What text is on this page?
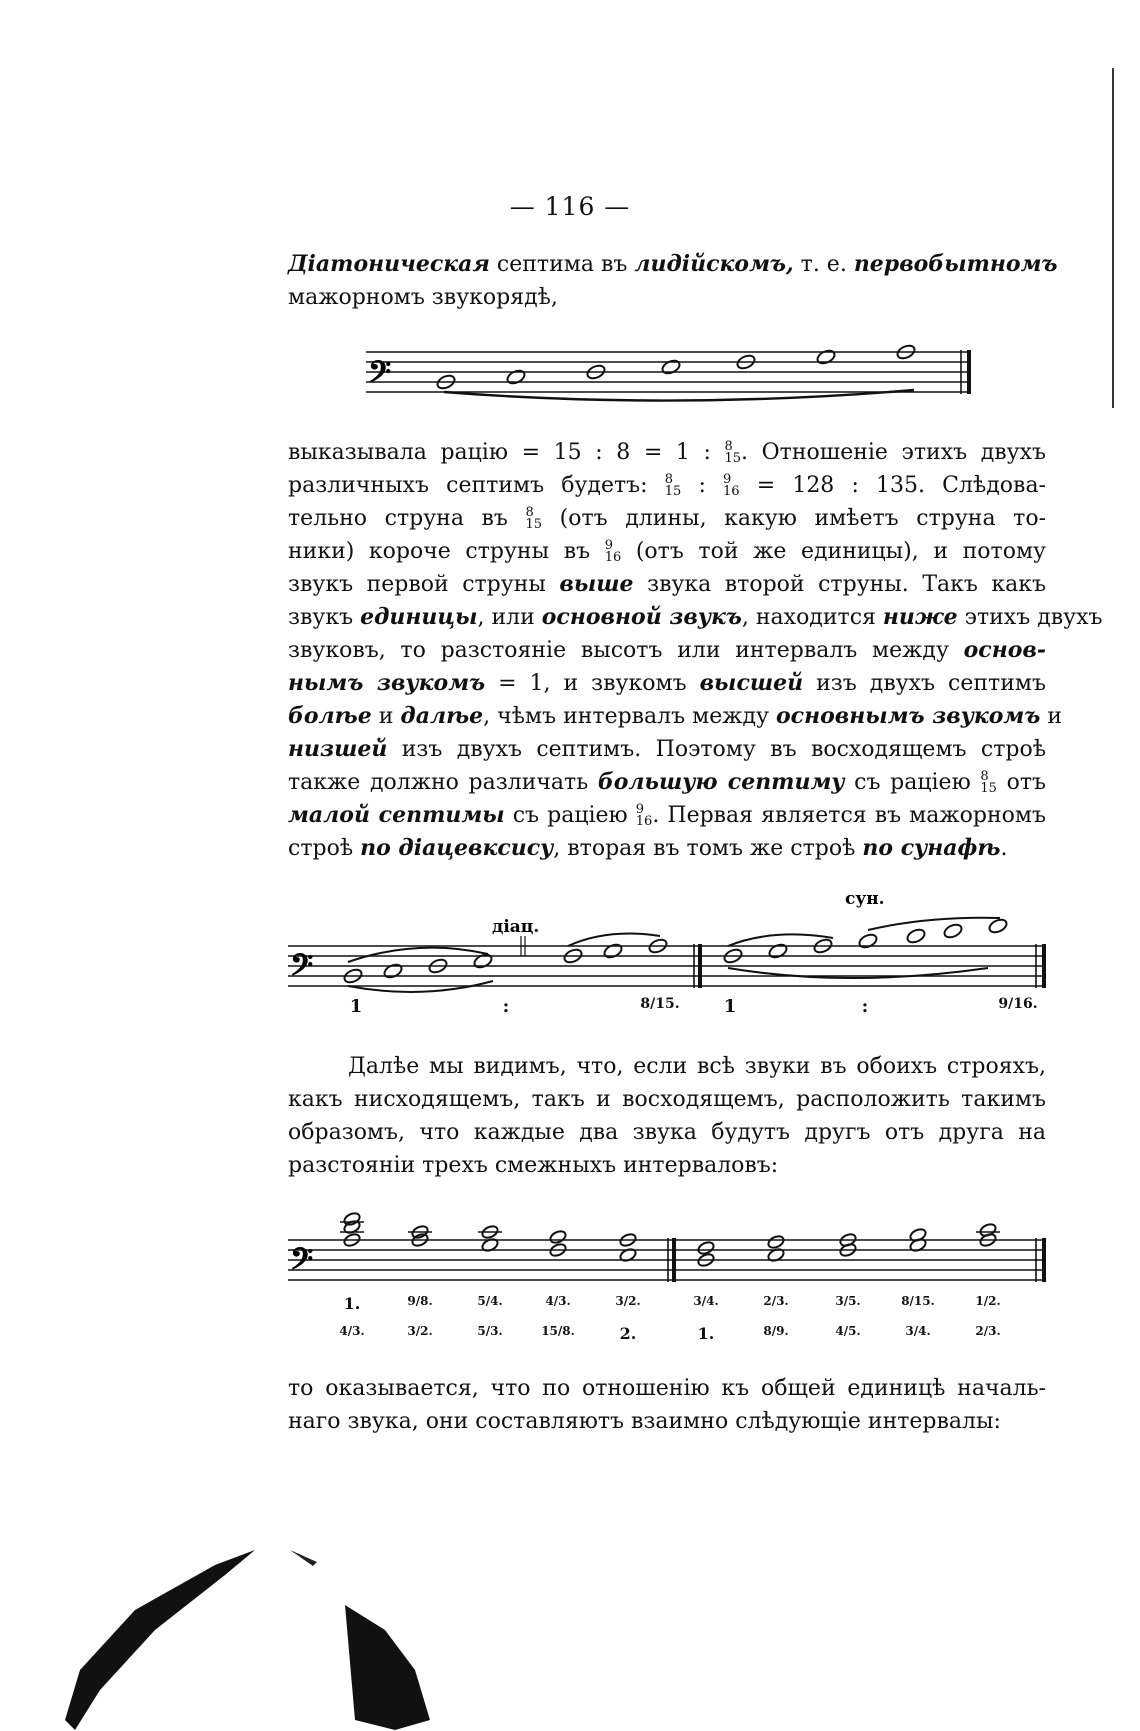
— 116 —
Діатоническая септима въ лидійскомъ, т. е. первобытномъ
мажорномъ звукорядѣ,
𝄢
выказывала рацію = 15 : 8 = 1 : 8
15 . Отношеніе этихъ двухъ
различныхъ септимъ будетъ: 8
15 : 9
16 = 128 : 135. Слѣдова-
тельно струна въ 8
15 (отъ длины, какую имѣетъ струна то-
ники) короче струны въ 9
16 (отъ той же единицы), и потому
звукъ первой струны выше звука второй струны. Такъ какъ
звукъ единицы, или основной звукъ, находится ниже этихъ двухъ
звуковъ, то разстояніе высотъ или интервалъ между основ-
нымъ звукомъ = 1, и звукомъ высшей изъ двухъ септимъ
болѣе и далѣе, чѣмъ интервалъ между основнымъ звукомъ и
низшей изъ двухъ септимъ. Поэтому въ восходящемъ строѣ
также должно различать большую септиму съ раціею 8
15 отъ
малой септимы съ раціею 9
16 . Первая является въ мажорномъ
строѣ по діацевксису, вторая въ томъ же строѣ по сунафѣ.
діац.
сун.
𝄢
1	:	8/15. 1	:	9/16.
Далѣе мы видимъ, что, если всѣ звуки въ обоихъ строяхъ,
какъ нисходящемъ, такъ и восходящемъ, расположить такимъ
образомъ, что каждые два звука будутъ другъ отъ друга на
разстояніи трехъ смежныхъ интерваловъ:
𝄢
1.	9/8.	5/4.	4/3.	3/2.	3/4.	2/3.	3/5.	8/15.	1/2.
4/3.	3/2.	5/3.	15/8.	2.	1.	8/9.	4/5.	3/4.	2/3.
то оказывается, что по отношенію къ общей единицѣ началь-
наго звука, они составляютъ взаимно слѣдующіе интервалы:
